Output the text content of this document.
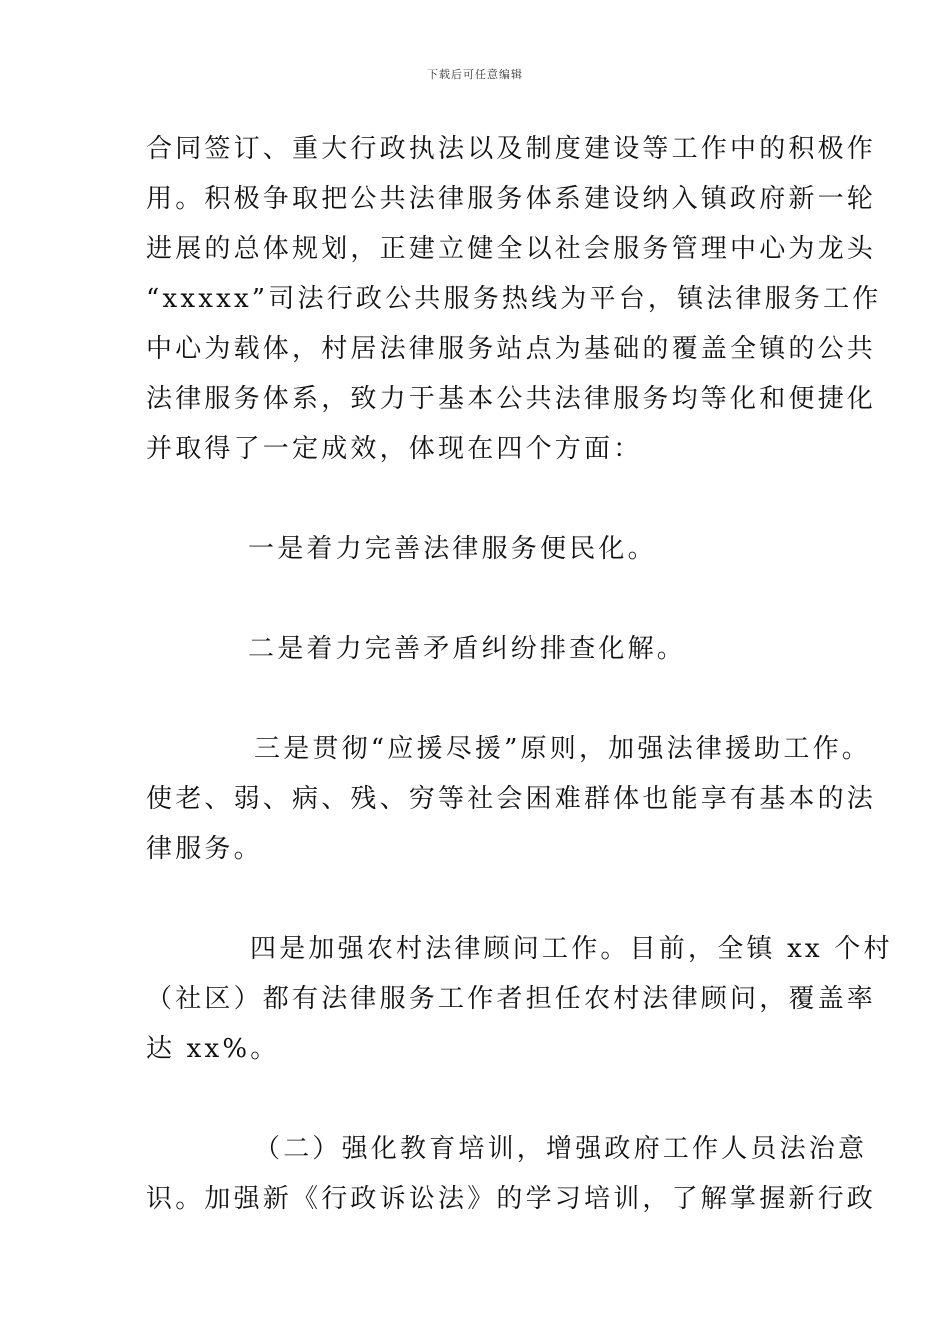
下载后可任意编辑
合同签订、重大行政执法以及制度建设等工作中的积极作
用。积极争取把公共法律服务体系建设纳入镇政府新一轮
进展的总体规划，正建立健全以社会服务管理中心为龙头
“xxxxx”司法行政公共服务热线为平台，镇法律服务工作
中心为载体，村居法律服务站点为基础的覆盖全镇的公共
法律服务体系，致力于基本公共法律服务均等化和便捷化
并取得了一定成效，体现在四个方面：
一是着力完善法律服务便民化。
二是着力完善矛盾纠纷排查化解。
三是贯彻“应援尽援”原则，加强法律援助工作。
使老、弱、病、残、穷等社会困难群体也能享有基本的法
律服务。
四是加强农村法律顾问工作。目前，全镇 xx 个村
（社区）都有法律服务工作者担任农村法律顾问，覆盖率
达 xx%。
（二）强化教育培训，增强政府工作人员法治意
识。加强新《行政诉讼法》的学习培训，了解掌握新行政
